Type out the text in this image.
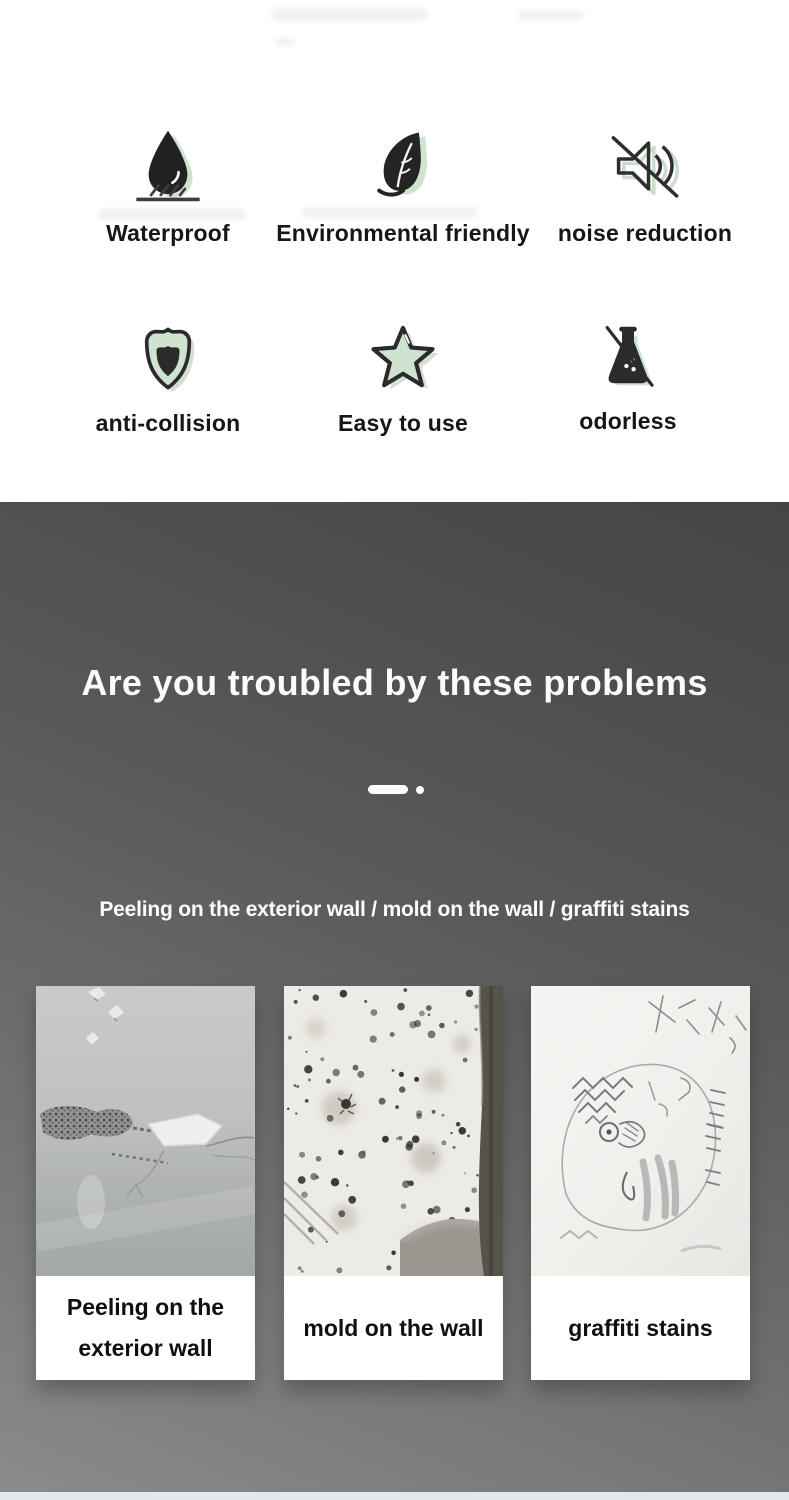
Waterproof Environmental friendly noise reduction
anti-collision	Easy to use	odorless
Are you troubled by these problems
Peeling on the exterior wall / mold on the wall / graffiti stains
Peeling on the exterior wall
mold on the wall	graffiti stains
